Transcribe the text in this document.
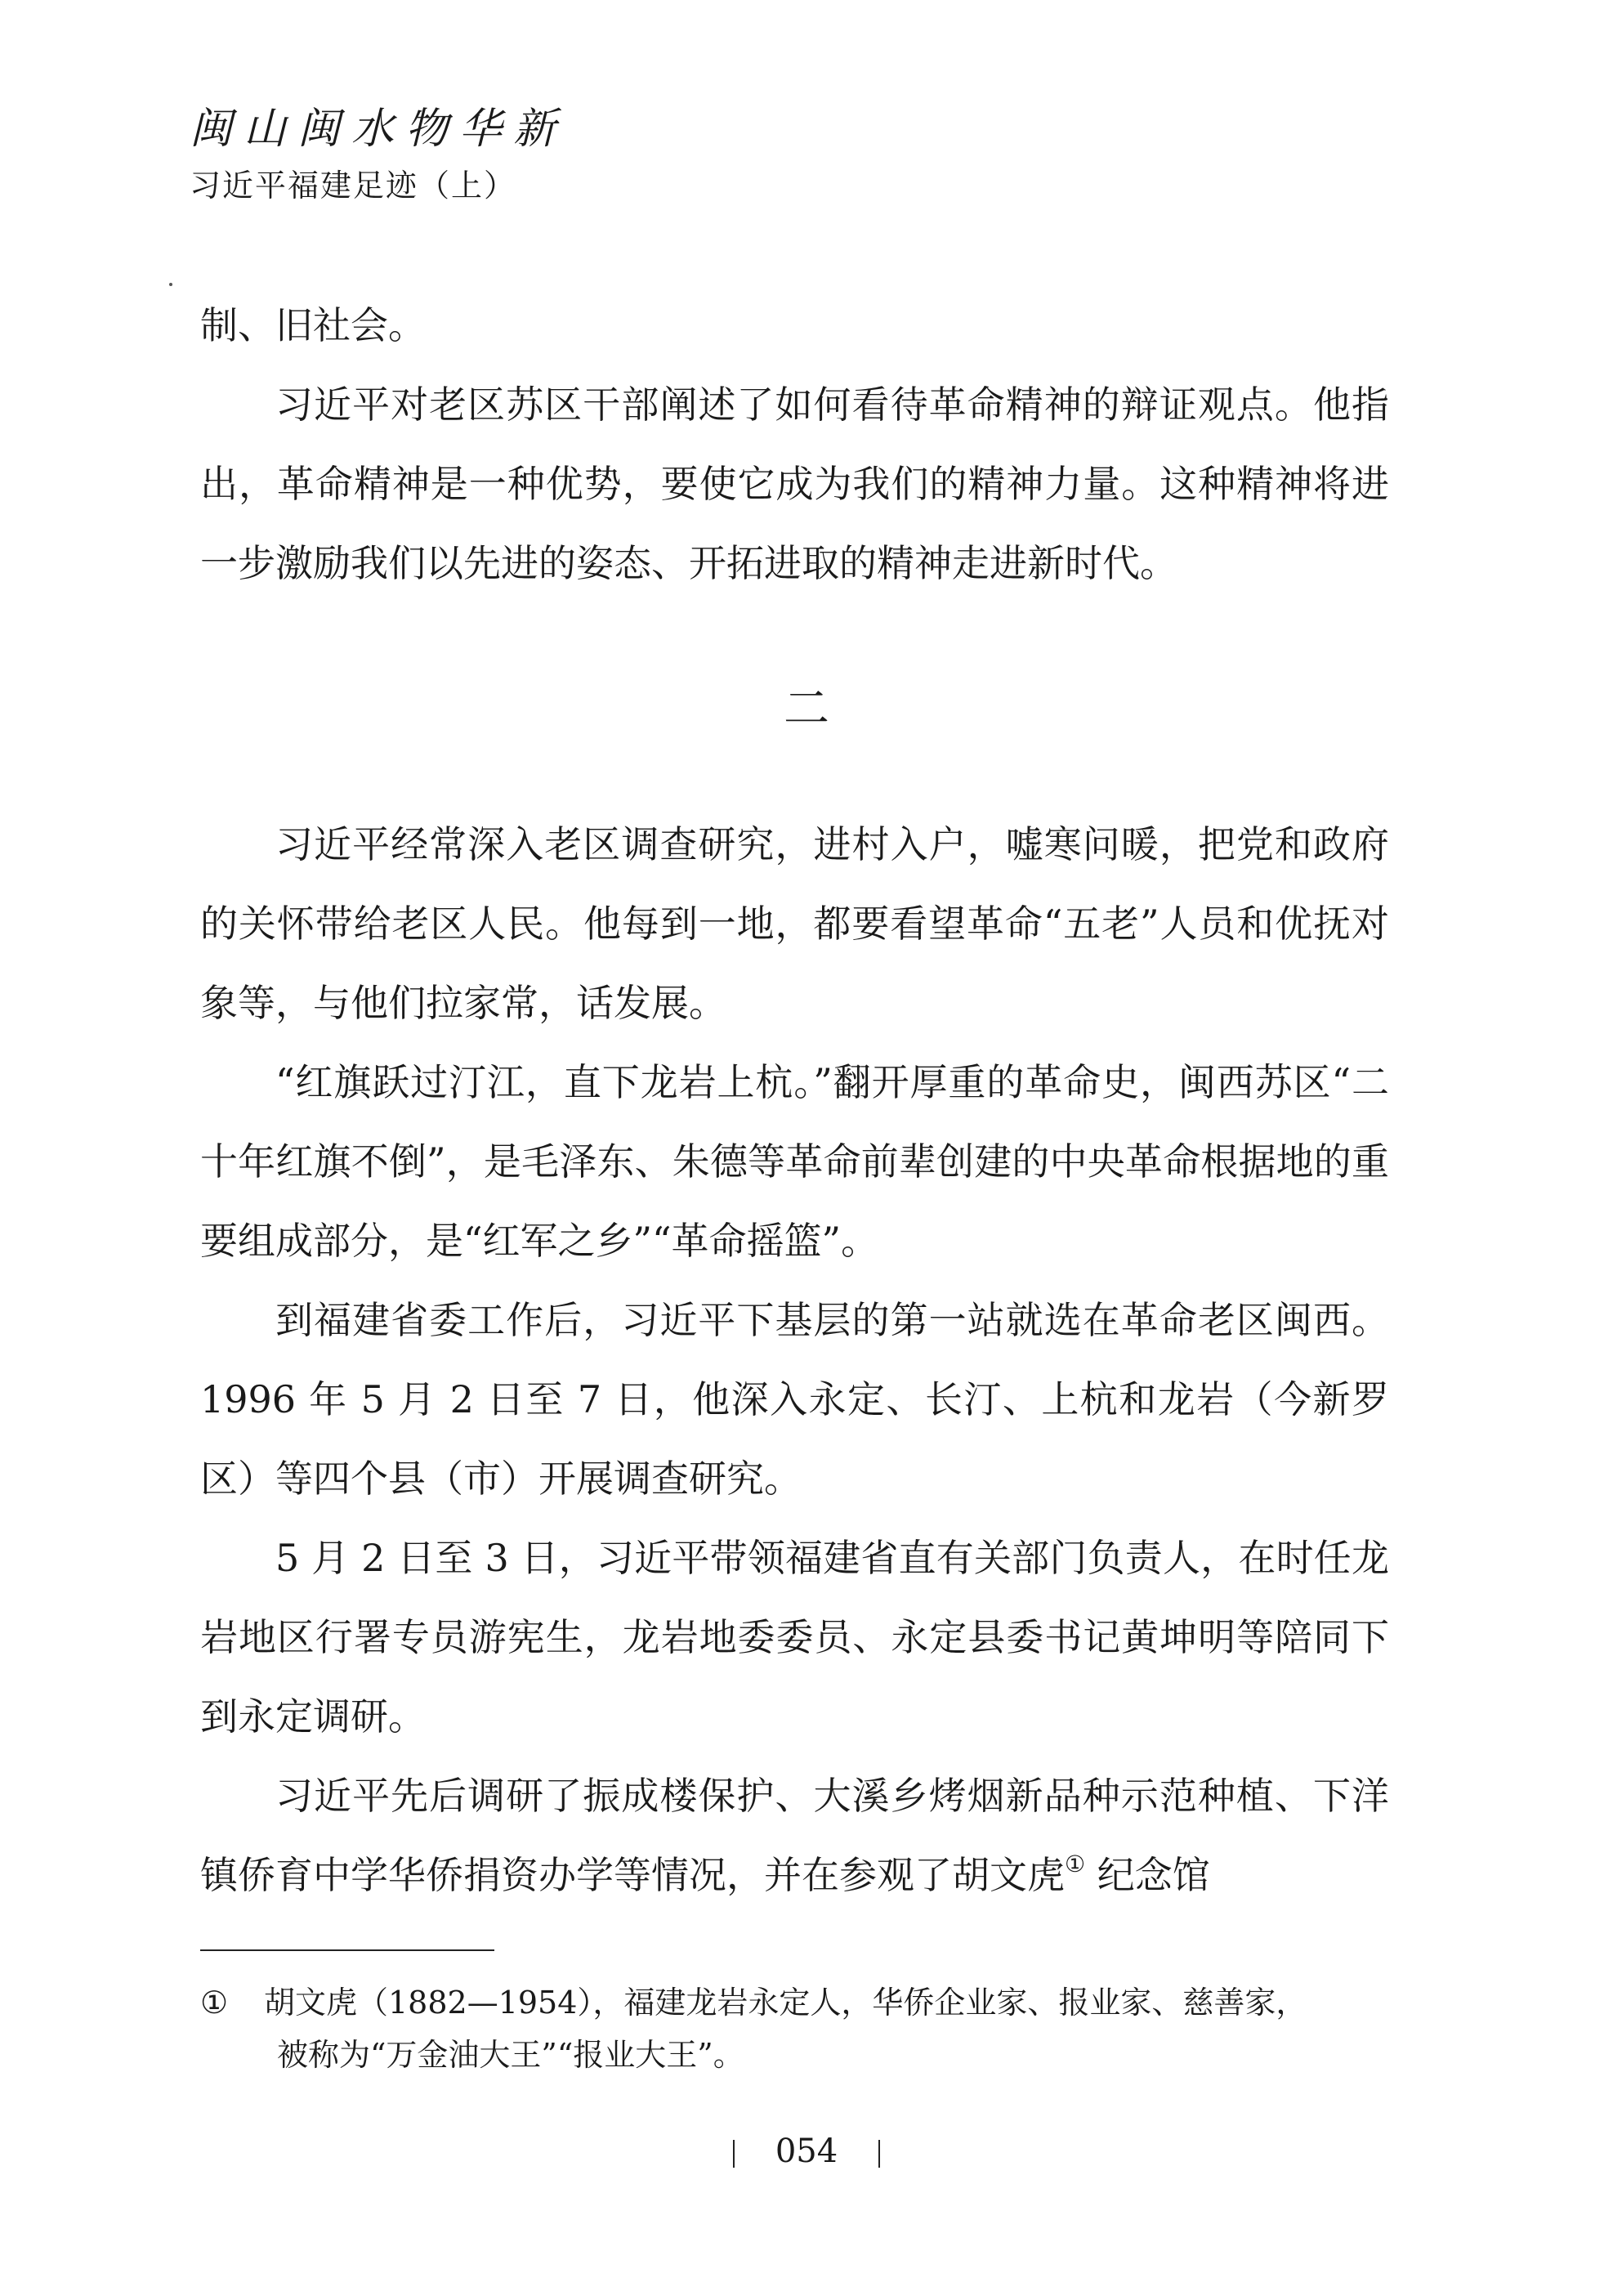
闽山闽水物华新
习近平福建足迹（上）

制、旧社会。

习近平对老区苏区干部阐述了如何看待革命精神的辩证观点。他指出，革命精神是一种优势，要使它成为我们的精神力量。这种精神将进一步激励我们以先进的姿态、开拓进取的精神走进新时代。

二

习近平经常深入老区调查研究，进村入户，嘘寒问暖，把党和政府的关怀带给老区人民。他每到一地，都要看望革命“五老”人员和优抚对象等，与他们拉家常，话发展。

“红旗跃过汀江，直下龙岩上杭。”翻开厚重的革命史，闽西苏区“二十年红旗不倒”，是毛泽东、朱德等革命前辈创建的中央革命根据地的重要组成部分，是“红军之乡”“革命摇篮”。

到福建省委工作后，习近平下基层的第一站就选在革命老区闽西。1996 年 5 月 2 日至 7 日，他深入永定、长汀、上杭和龙岩（今新罗区）等四个县（市）开展调查研究。

5 月 2 日至 3 日，习近平带领福建省直有关部门负责人，在时任龙岩地区行署专员游宪生，龙岩地委委员、永定县委书记黄坤明等陪同下到永定调研。

习近平先后调研了振成楼保护、大溪乡烤烟新品种示范种植、下洋镇侨育中学华侨捐资办学等情况，并在参观了胡文虎① 纪念馆

① 胡文虎（1882—1954），福建龙岩永定人，华侨企业家、报业家、慈善家，
被称为“万金油大王”“报业大王”。
054
